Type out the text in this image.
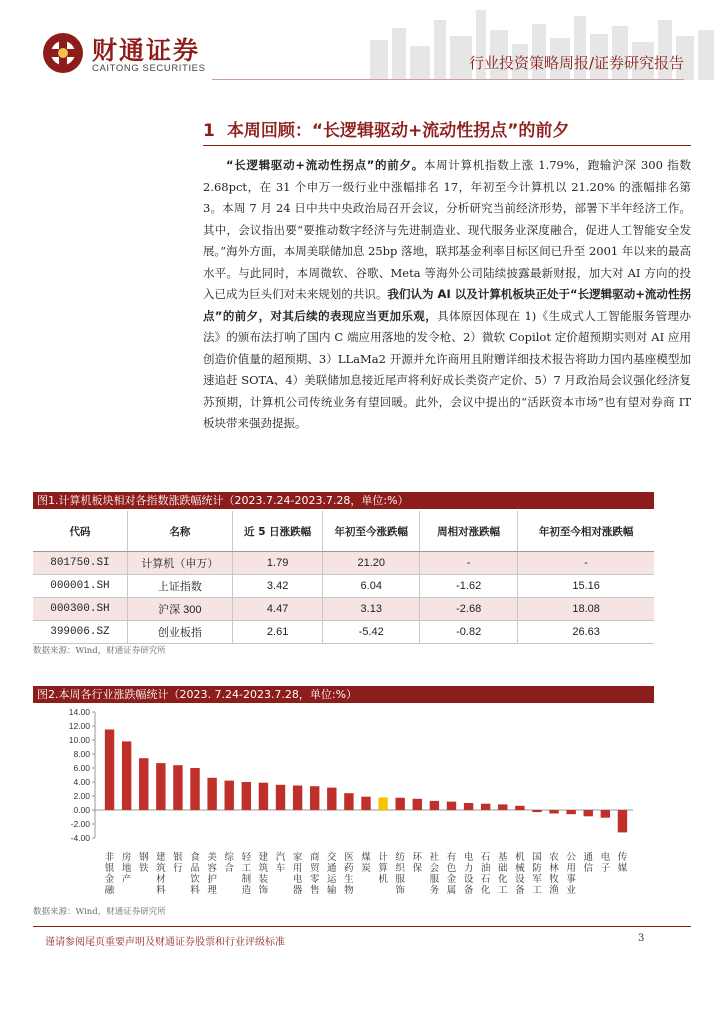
财通证券
CAITONG SECURITIES	行业投资策略周报/证券研究报告
1 本周回顾：“长逻辑驱动+流动性拐点”的前夕
“长逻辑驱动+流动性拐点”的前夕。本周计算机指数上涨 1.79%，跑输沪深 300 指数 2.68pct，在 31 个申万一级行业中涨幅排名 17，年初至今计算机以 21.20% 的涨幅排名第 3。本周 7 月 24 日中共中央政治局召开会议，分析研究当前经济形势，部署下半年经济工作。其中，会议指出要“要推动数字经济与先进制造业、现代服务业深度融合，促进人工智能安全发展。”海外方面，本周美联储加息 25bp 落地，联邦基金利率目标区间已升至 2001 年以来的最高水平。与此同时，本周微软、谷歌、Meta 等海外公司陆续披露最新财报，加大对 AI 方向的投入已成为巨头们对未来规划的共识。我们认为 AI 以及计算机板块正处于“长逻辑驱动+流动性拐点”的前夕，对其后续的表现应当更加乐观，具体原因体现在 1)《生成式人工智能服务管理办法》的颁布法打响了国内 C 端应用落地的发令枪、2）微软 Copilot 定价超预期实则对 AI 应用创造价值量的超预期、3）LLaMa2 开源并允许商用且附赠详细技术报告将助力国内基座模型加速追赶 SOTA、4）美联储加息接近尾声将利好成长类资产定价、5）7 月政治局会议强化经济复苏预期，计算机公司传统业务有望回暖。此外，会议中提出的“活跃资本市场”也有望对券商 IT 板块带来强劲提振。
图1.计算机板块相对各指数涨跌幅统计（2023.7.24-2023.7.28，单位:%）
代码	名称	近 5 日涨跌幅	年初至今涨跌幅	周相对涨跌幅	年初至今相对涨跌幅
801750.SI	计算机（申万）	1.79	21.20	-	-
000001.SH	上证指数	3.42	6.04	-1.62	15.16
000300.SH	沪深 300	4.47	3.13	-2.68	18.08
399006.SZ	创业板指	2.61	-5.42	-0.82	26.63
数据来源：Wind，财通证券研究所
图2.本周各行业涨跌幅统计（2023. 7.24-2023.7.28，单位:%）
14.00
12.00
10.00
8.00
6.00
4.00
2.00
0.00
-2.00
-4.00
非
银
金
融
房
地
产
钢
铁
建
筑
材
料
银
行
食
品
饮
料
美
容
护
理
综
合
轻
工
制
造
建
筑
装
饰
汽
车
家
用
电
器
商
贸
零
售
交
通
运
输
医
药
生
物
煤
炭
计
算
机
纺
织
服
饰
环
保
社
会
服
务
有
色
金
属
电
力
设
备
石
油
石
化
基
础
化
工
机
械
设
备
国
防
军
工
农
林
牧
渔
公
用
事
业
通
信
电
子
传
媒
数据来源：Wind，财通证券研究所
谨请参阅尾页重要声明及财通证券股票和行业评级标准	3
